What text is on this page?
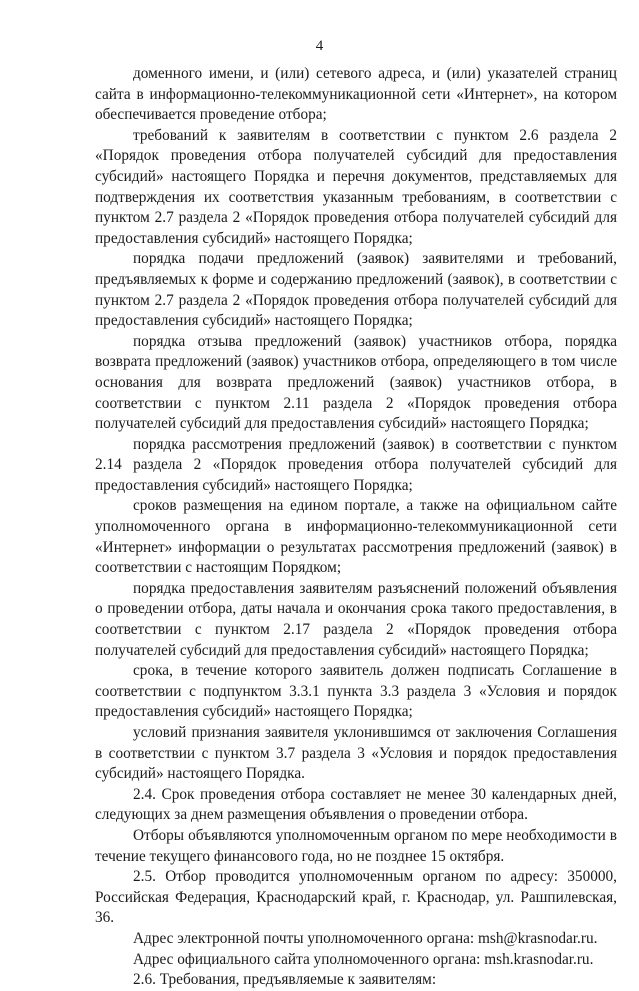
4

доменного имени, и (или) сетевого адреса, и (или) указателей страниц сайта в информационно-телекоммуникационной сети «Интернет», на котором обеспечивается проведение отбора;

требований к заявителям в соответствии с пунктом 2.6 раздела 2 «Порядок проведения отбора получателей субсидий для предоставления субсидий» настоящего Порядка и перечня документов, представляемых для подтверждения их соответствия указанным требованиям, в соответствии с пунктом 2.7 раздела 2 «Порядок проведения отбора получателей субсидий для предоставления субсидий» настоящего Порядка;

порядка подачи предложений (заявок) заявителями и требований, предъявляемых к форме и содержанию предложений (заявок), в соответствии с пунктом 2.7 раздела 2 «Порядок проведения отбора получателей субсидий для предоставления субсидий» настоящего Порядка;

порядка отзыва предложений (заявок) участников отбора, порядка возврата предложений (заявок) участников отбора, определяющего в том числе основания для возврата предложений (заявок) участников отбора, в соответствии с пунктом 2.11 раздела 2 «Порядок проведения отбора получателей субсидий для предоставления субсидий» настоящего Порядка;

порядка рассмотрения предложений (заявок) в соответствии с пунктом 2.14 раздела 2 «Порядок проведения отбора получателей субсидий для предоставления субсидий» настоящего Порядка;

сроков размещения на едином портале, а также на официальном сайте уполномоченного органа в информационно-телекоммуникационной сети «Интернет» информации о результатах рассмотрения предложений (заявок) в соответствии с настоящим Порядком;

порядка предоставления заявителям разъяснений положений объявления о проведении отбора, даты начала и окончания срока такого предоставления, в соответствии с пунктом 2.17 раздела 2 «Порядок проведения отбора получателей субсидий для предоставления субсидий» настоящего Порядка;

срока, в течение которого заявитель должен подписать Соглашение в соответствии с подпунктом 3.3.1 пункта 3.3 раздела 3 «Условия и порядок предоставления субсидий» настоящего Порядка;

условий признания заявителя уклонившимся от заключения Соглашения в соответствии с пунктом 3.7 раздела 3 «Условия и порядок предоставления субсидий» настоящего Порядка.

2.4. Срок проведения отбора составляет не менее 30 календарных дней, следующих за днем размещения объявления о проведении отбора.

Отборы объявляются уполномоченным органом по мере необходимости в течение текущего финансового года, но не позднее 15 октября.

2.5. Отбор проводится уполномоченным органом по адресу: 350000, Российская Федерация, Краснодарский край, г. Краснодар, ул. Рашпилевская, 36.

Адрес электронной почты уполномоченного органа: msh@krasnodar.ru.

Адрес официального сайта уполномоченного органа: msh.krasnodar.ru.

2.6. Требования, предъявляемые к заявителям:
